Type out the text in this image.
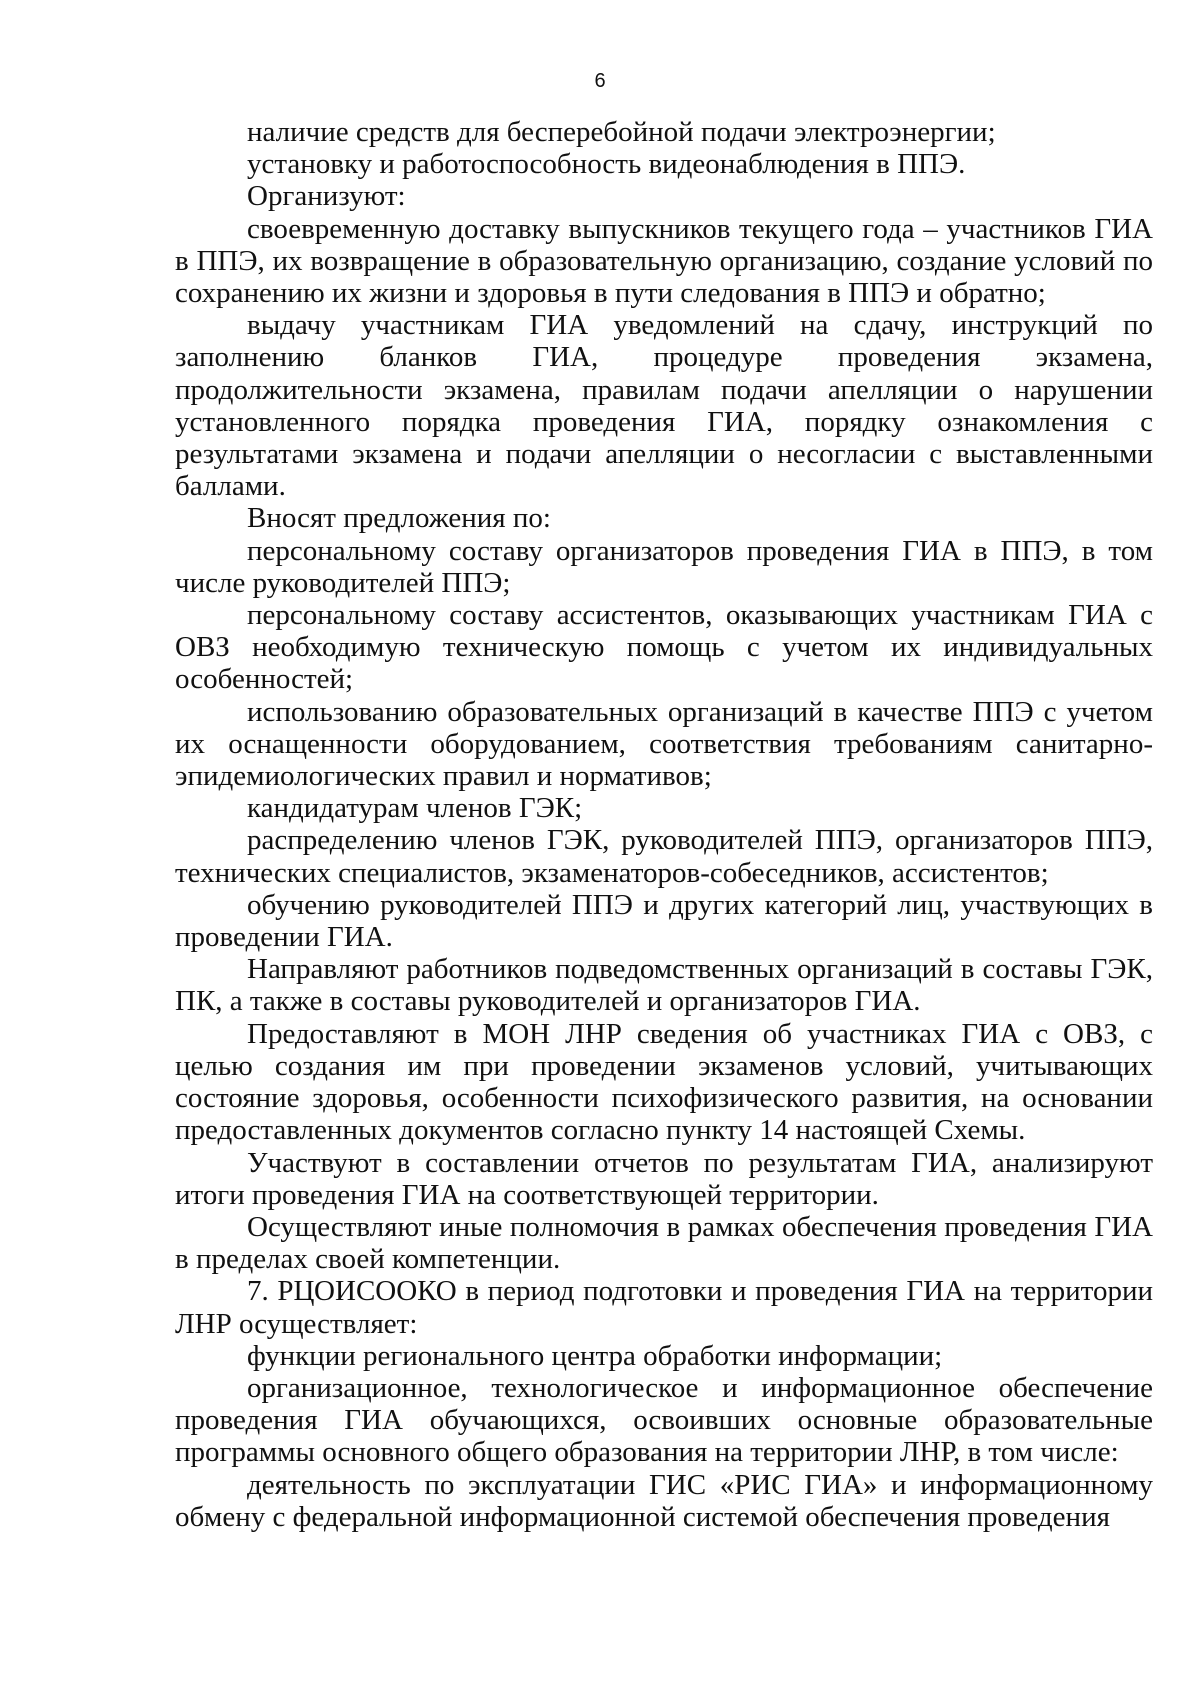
6

наличие средств для бесперебойной подачи электроэнергии;

установку и работоспособность видеонаблюдения в ППЭ.

Организуют:

своевременную доставку выпускников текущего года – участников ГИА в ППЭ, их возвращение в образовательную организацию, создание условий по сохранению их жизни и здоровья в пути следования в ППЭ и обратно;

выдачу участникам ГИА уведомлений на сдачу, инструкций по заполнению бланков ГИА, процедуре проведения экзамена, продолжительности экзамена, правилам подачи апелляции о нарушении установленного порядка проведения ГИА, порядку ознакомления с результатами экзамена и подачи апелляции о несогласии с выставленными баллами.

Вносят предложения по:

персональному составу организаторов проведения ГИА в ППЭ, в том числе руководителей ППЭ;

персональному составу ассистентов, оказывающих участникам ГИА с ОВЗ необходимую техническую помощь с учетом их индивидуальных особенностей;

использованию образовательных организаций в качестве ППЭ с учетом их оснащенности оборудованием, соответствия требованиям санитарно-эпидемиологических правил и нормативов;

кандидатурам членов ГЭК;

распределению членов ГЭК, руководителей ППЭ, организаторов ППЭ, технических специалистов, экзаменаторов-собеседников, ассистентов;

обучению руководителей ППЭ и других категорий лиц, участвующих в проведении ГИА.

Направляют работников подведомственных организаций в составы ГЭК, ПК, а также в составы руководителей и организаторов ГИА.

Предоставляют в МОН ЛНР сведения об участниках ГИА с ОВЗ, с целью создания им при проведении экзаменов условий, учитывающих состояние здоровья, особенности психофизического развития, на основании предоставленных документов согласно пункту 14 настоящей Схемы.

Участвуют в составлении отчетов по результатам ГИА, анализируют итоги проведения ГИА на соответствующей территории.

Осуществляют иные полномочия в рамках обеспечения проведения ГИА в пределах своей компетенции.

7. РЦОИСООКО в период подготовки и проведения ГИА на территории ЛНР осуществляет:

функции регионального центра обработки информации;

организационное, технологическое и информационное обеспечение проведения ГИА обучающихся, освоивших основные образовательные программы основного общего образования на территории ЛНР, в том числе:

деятельность по эксплуатации ГИС «РИС ГИА» и информационному обмену с федеральной информационной системой обеспечения проведения
